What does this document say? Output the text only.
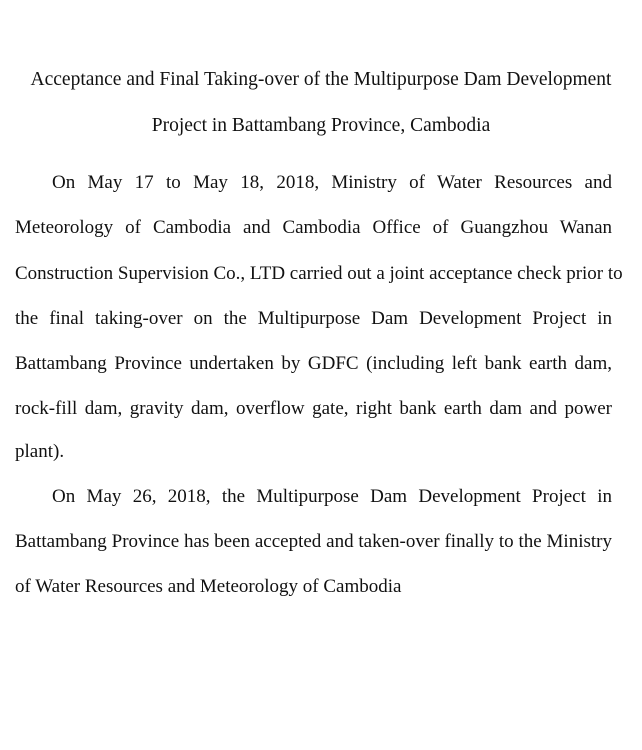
Acceptance and Final Taking-over of the Multipurpose Dam Development
Project in Battambang Province, Cambodia
On May 17 to May 18, 2018, Ministry of Water Resources and
Meteorology of Cambodia and Cambodia Office of Guangzhou Wanan
Construction Supervision Co., LTD carried out a joint acceptance check prior to
the final taking-over on the Multipurpose Dam Development Project in
Battambang Province undertaken by GDFC (including left bank earth dam,
rock-fill dam, gravity dam, overflow gate, right bank earth dam and power
plant).
On May 26, 2018, the Multipurpose Dam Development Project in
Battambang Province has been accepted and taken-over finally to the Ministry
of Water Resources and Meteorology of Cambodia
